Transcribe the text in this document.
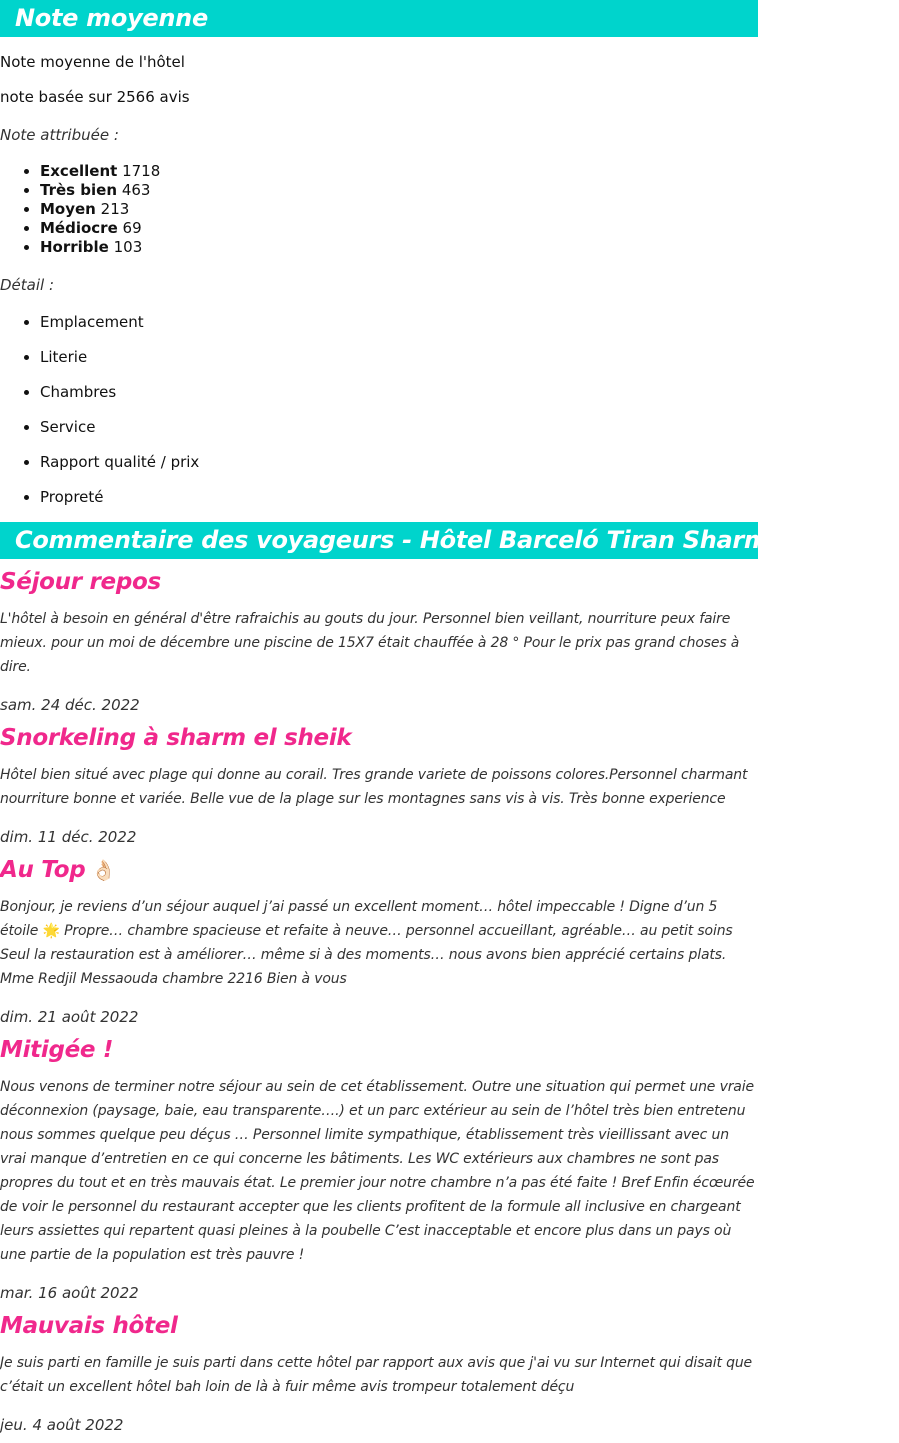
Note moyenne

Note moyenne de l'hôtel

note basée sur 2566 avis

Note attribuée :

• Excellent 1718
• Très bien 463
• Moyen 213
• Médiocre 69
• Horrible 103

Détail :

• Emplacement
• Literie
• Chambres
• Service
• Rapport qualité / prix
• Propreté
Commentaire des voyageurs - Hôtel Barceló Tiran Sharm Resort 5*
Séjour repos

L'hôtel à besoin en général d'être rafraichis au gouts du jour. Personnel bien veillant, nourriture peux faire mieux. pour un moi de décembre une piscine de 15X7 était chauffée à 28 ° Pour le prix pas grand choses à dire.

sam. 24 déc. 2022

Snorkeling à sharm el sheik

Hôtel bien situé avec plage qui donne au corail. Tres grande variete de poissons colores.Personnel charmant nourriture bonne et variée. Belle vue de la plage sur les montagnes sans vis à vis. Très bonne experience

dim. 11 déc. 2022

Au Top 👌🏻

Bonjour, je reviens d’un séjour auquel j’ai passé un excellent moment… hôtel impeccable ! Digne d’un 5 étoile 🌟 Propre… chambre spacieuse et refaite à neuve… personnel accueillant, agréable… au petit soins Seul la restauration est à améliorer… même si à des moments… nous avons bien apprécié certains plats. Mme Redjil Messaouda chambre 2216 Bien à vous

dim. 21 août 2022

Mitigée !

Nous venons de terminer notre séjour au sein de cet établissement. Outre une situation qui permet une vraie déconnexion (paysage, baie, eau transparente….) et un parc extérieur au sein de l’hôtel très bien entretenu nous sommes quelque peu déçus … Personnel limite sympathique, établissement très vieillissant avec un vrai manque d’entretien en ce qui concerne les bâtiments. Les WC extérieurs aux chambres ne sont pas propres du tout et en très mauvais état. Le premier jour notre chambre n’a pas été faite ! Bref Enfin écœurée de voir le personnel du restaurant accepter que les clients profitent de la formule all inclusive en chargeant leurs assiettes qui repartent quasi pleines à la poubelle C’est inacceptable et encore plus dans un pays où une partie de la population est très pauvre !

mar. 16 août 2022

Mauvais hôtel

Je suis parti en famille je suis parti dans cette hôtel par rapport aux avis que j'ai vu sur Internet qui disait que c’était un excellent hôtel bah loin de là à fuir même avis trompeur totalement déçu

jeu. 4 août 2022
